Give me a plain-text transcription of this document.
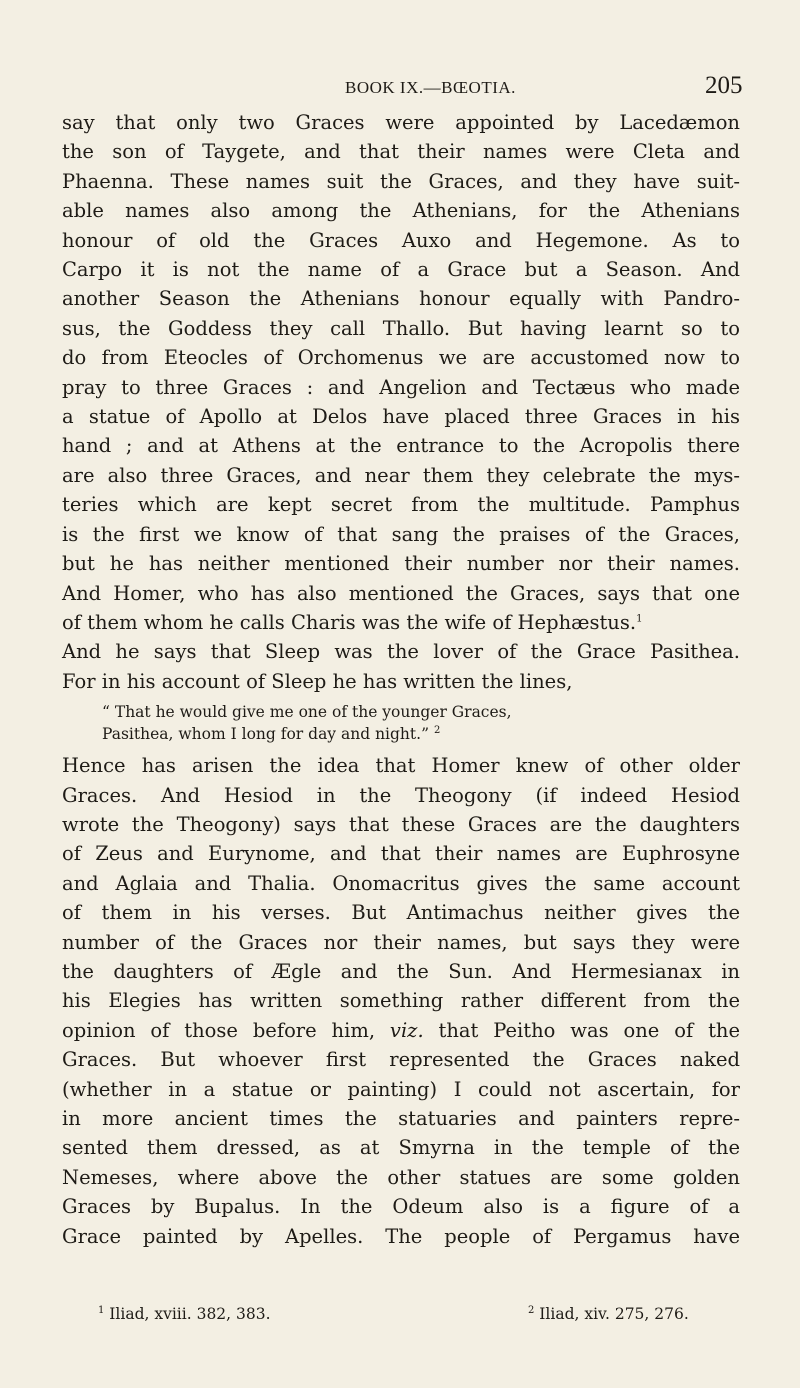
BOOK IX.—BŒOTIA.	205

say that only two Graces were appointed by Lacedæmon
the son of Taygete, and that their names were Cleta and
Phaenna. These names suit the Graces, and they have suit-
able names also among the Athenians, for the Athenians
honour of old the Graces Auxo and Hegemone. As to
Carpo it is not the name of a Grace but a Season. And
another Season the Athenians honour equally with Pandro-
sus, the Goddess they call Thallo. But having learnt so to
do from Eteocles of Orchomenus we are accustomed now to
pray to three Graces : and Angelion and Tectæus who made
a statue of Apollo at Delos have placed three Graces in his
hand ; and at Athens at the entrance to the Acropolis there
are also three Graces, and near them they celebrate the mys-
teries which are kept secret from the multitude. Pamphus
is the first we know of that sang the praises of the Graces,
but he has neither mentioned their number nor their names.
And Homer, who has also mentioned the Graces, says that one
of them whom he calls Charis was the wife of Hephæstus.$^1$
And he says that Sleep was the lover of the Grace Pasithea.
For in his account of Sleep he has written the lines,

“ That he would give me one of the younger Graces,
Pasithea, whom I long for day and night.” $^2$

Hence has arisen the idea that Homer knew of other older
Graces. And Hesiod in the Theogony (if indeed Hesiod
wrote the Theogony) says that these Graces are the daughters
of Zeus and Eurynome, and that their names are Euphrosyne
and Aglaia and Thalia. Onomacritus gives the same account
of them in his verses. But Antimachus neither gives the
number of the Graces nor their names, but says they were
the daughters of Ægle and the Sun. And Hermesianax in
his Elegies has written something rather different from the
opinion of those before him, viz. that Peitho was one of the
Graces. But whoever first represented the Graces naked
(whether in a statue or painting) I could not ascertain, for
in more ancient times the statuaries and painters repre-
sented them dressed, as at Smyrna in the temple of the
Nemeses, where above the other statues are some golden
Graces by Bupalus. In the Odeum also is a figure of a
Grace painted by Apelles. The people of Pergamus have

$^1$ Iliad, xviii. 382, 383.	$^2$ Iliad, xiv. 275, 276.
